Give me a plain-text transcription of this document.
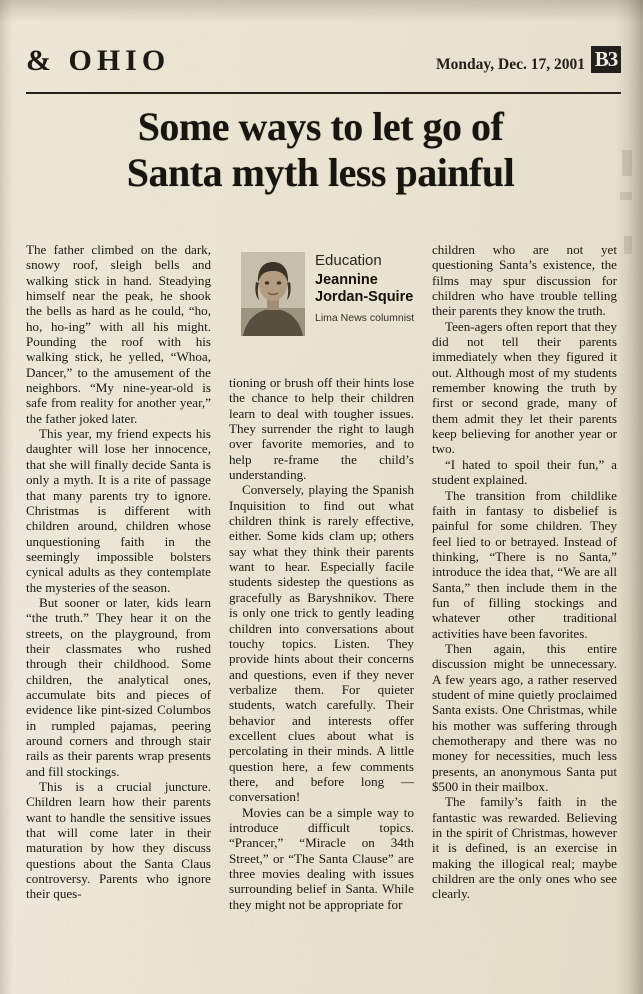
& OHIO	Monday, Dec. 17, 2001 B3
Some ways to let go of
Santa myth less painful
Education
Jeannine
Jordan-Squire
Lima News columnist

The father climbed on the dark, snowy roof, sleigh bells and walking stick in hand. Steadying himself near the peak, he shook the bells as hard as he could, “ho, ho, ho-ing” with all his might. Pounding the roof with his walking stick, he yelled, “Whoa, Dancer,” to the amusement of the neighbors. “My nine-year-old is safe from reality for another year,” the father joked later.

This year, my friend expects his daughter will lose her innocence, that she will finally decide Santa is only a myth. It is a rite of passage that many parents try to ignore. Christmas is different with children around, children whose unquestioning faith in the seemingly impossible bolsters cynical adults as they contemplate the mysteries of the season.

But sooner or later, kids learn “the truth.” They hear it on the streets, on the playground, from their classmates who rushed through their childhood. Some children, the analytical ones, accumulate bits and pieces of evidence like pint-sized Columbos in rumpled pajamas, peering around corners and through stair rails as their parents wrap presents and fill stockings.

This is a crucial juncture. Children learn how their parents want to handle the sensitive issues that will come later in their maturation by how they discuss questions about the Santa Claus controversy. Parents who ignore their ques-

tioning or brush off their hints lose the chance to help their children learn to deal with tougher issues. They surrender the right to laugh over favorite memories, and to help re-frame the child’s understanding.

Conversely, playing the Spanish Inquisition to find out what children think is rarely effective, either. Some kids clam up; others say what they think their parents want to hear. Especially facile students sidestep the questions as gracefully as Baryshnikov. There is only one trick to gently leading children into conversations about touchy topics. Listen. They provide hints about their concerns and questions, even if they never verbalize them. For quieter students, watch carefully. Their behavior and interests offer excellent clues about what is percolating in their minds. A little question here, a few comments there, and before long — conversation!

Movies can be a simple way to introduce difficult topics. “Prancer,” “Miracle on 34th Street,” or “The Santa Clause” are three movies dealing with issues surrounding belief in Santa. While they might not be appropriate for

children who are not yet questioning Santa’s existence, the films may spur discussion for children who have trouble telling their parents they know the truth.

Teen-agers often report that they did not tell their parents immediately when they figured it out. Although most of my students remember knowing the truth by first or second grade, many of them admit they let their parents keep believing for another year or two.

“I hated to spoil their fun,” a student explained.

The transition from childlike faith in fantasy to disbelief is painful for some children. They feel lied to or betrayed. Instead of thinking, “There is no Santa,” introduce the idea that, “We are all Santa,” then include them in the fun of filling stockings and whatever other traditional activities have been favorites.

Then again, this entire discussion might be unnecessary. A few years ago, a rather reserved student of mine quietly proclaimed Santa exists. One Christmas, while his mother was suffering through chemotherapy and there was no money for necessities, much less presents, an anonymous Santa put $500 in their mailbox.

The family’s faith in the fantastic was rewarded. Believing in the spirit of Christmas, however it is defined, is an exercise in making the illogical real; maybe children are the only ones who see clearly.
